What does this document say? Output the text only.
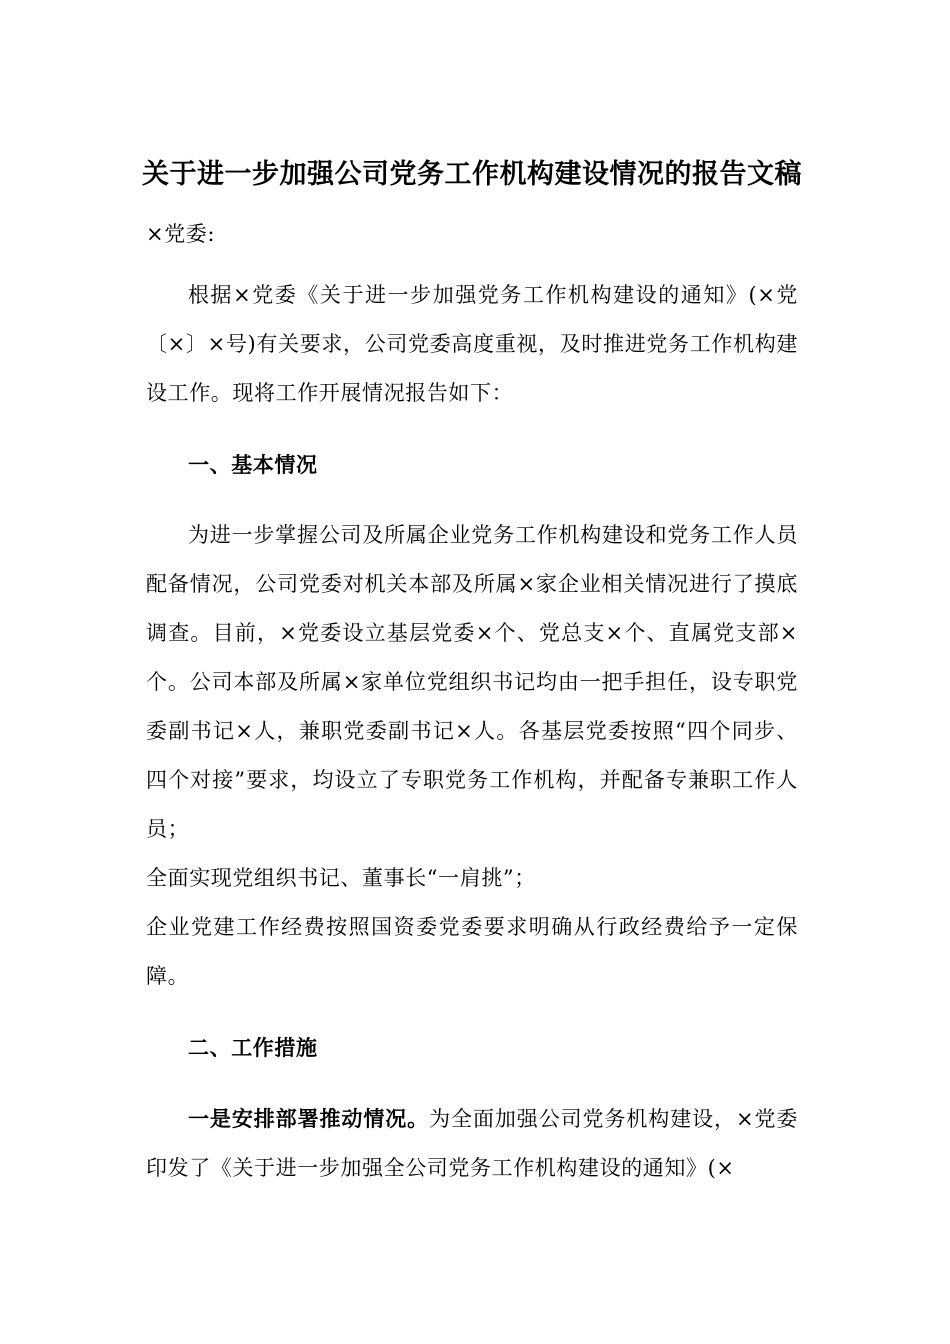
关于进一步加强公司党务工作机构建设情况的报告文稿

×党委:

根据×党委《关于进一步加强党务工作机构建设的通知》(×党〔×〕×号)有关要求，公司党委高度重视，及时推进党务工作机构建设工作。现将工作开展情况报告如下：

一、基本情况

为进一步掌握公司及所属企业党务工作机构建设和党务工作人员配备情况，公司党委对机关本部及所属×家企业相关情况进行了摸底调查。目前，×党委设立基层党委×个、党总支×个、直属党支部×个。公司本部及所属×家单位党组织书记均由一把手担任，设专职党委副书记×人，兼职党委副书记×人。各基层党委按照“四个同步、四个对接”要求，均设立了专职党务工作机构，并配备专兼职工作人员；

全面实现党组织书记、董事长“一肩挑”；

企业党建工作经费按照国资委党委要求明确从行政经费给予一定保障。

二、工作措施

一是安排部署推动情况。为全面加强公司党务机构建设，×党委印发了《关于进一步加强全公司党务工作机构建设的通知》(×
